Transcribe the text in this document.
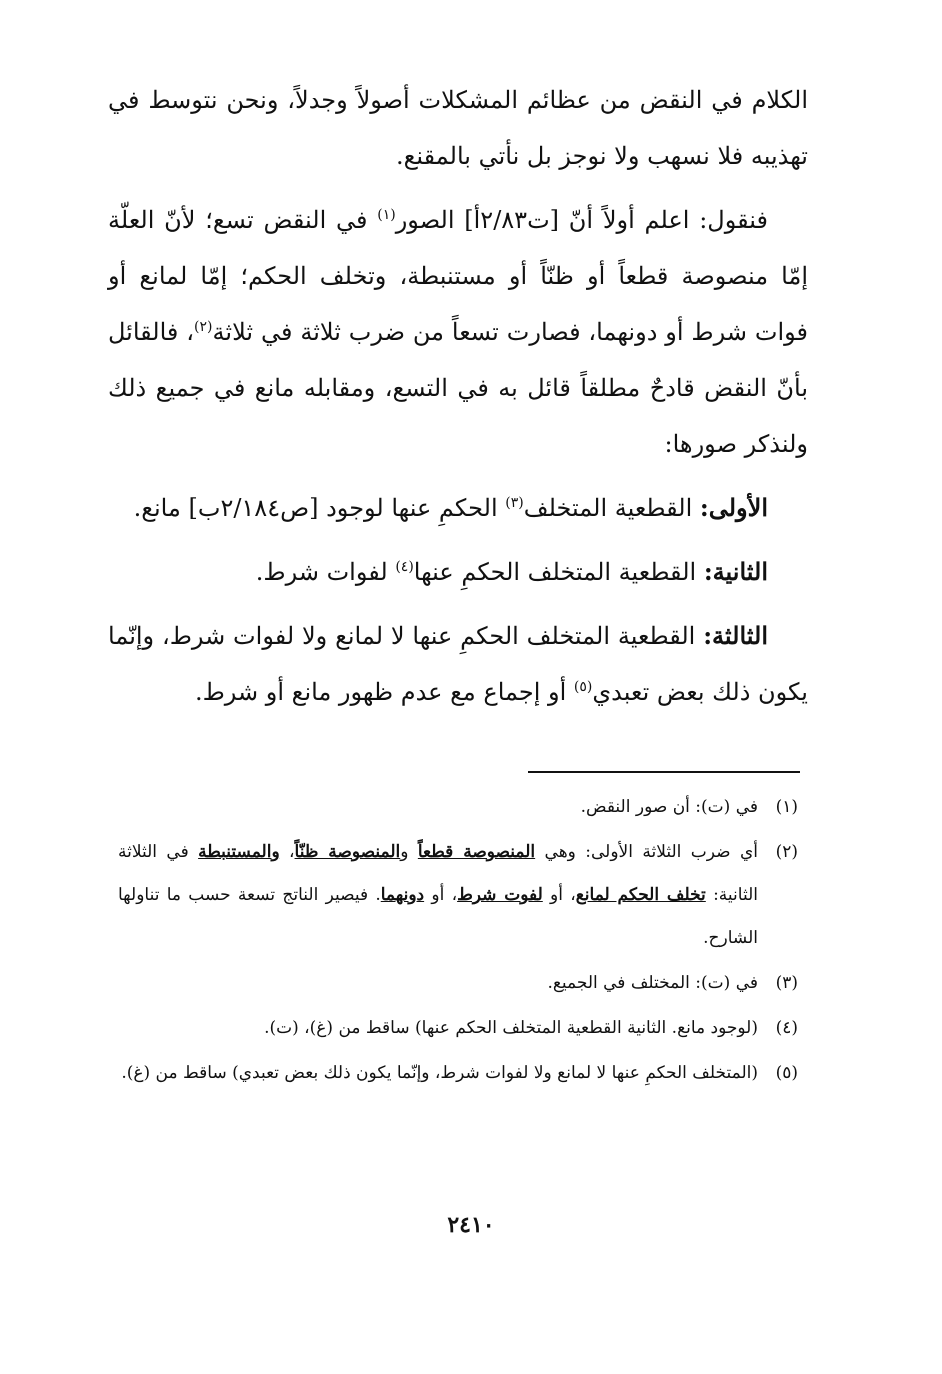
الكلام في النقض من عظائم المشكلات أصولاً وجدلاً، ونحن نتوسط في تهذيبه فلا نسهب ولا نوجز بل نأتي بالمقنع.

فنقول: اعلم أولاً أنّ [ت٢/٨٣أ] الصور$^{(١)}$ في النقض تسع؛ لأنّ العلّة إمّا منصوصة قطعاً أو ظنّاً أو مستنبطة، وتخلف الحكم؛ إمّا لمانع أو فوات شرط أو دونهما، فصارت تسعاً من ضرب ثلاثة في ثلاثة$^{(٢)}$، فالقائل بأنّ النقض قادحٌ مطلقاً قائل به في التسع، ومقابله مانع في جميع ذلك ولنذكر صورها:

الأولى: القطعية المتخلف$^{(٣)}$ الحكمِ عنها لوجود [ص٢/١٨٤ب] مانع.

الثانية: القطعية المتخلف الحكمِ عنها$^{(٤)}$ لفوات شرط.

الثالثة: القطعية المتخلف الحكمِ عنها لا لمانع ولا لفوات شرط، وإنّما يكون ذلك بعض تعبدي$^{(٥)}$ أو إجماع مع عدم ظهور مانع أو شرط.

(١)في (ت): أن صور النقض.

(٢)أي ضرب الثلاثة الأولى: وهي المنصوصة قطعاً والمنصوصة ظنّاً، والمستنبطة في الثلاثة الثانية: تخلف الحكم لمانع، أو لفوت شرط، أو دونهما. فيصير الناتج تسعة حسب ما تناولها الشارح.

(٣)في (ت): المختلف في الجميع.

(٤)(لوجود مانع. الثانية القطعية المتخلف الحكم عنها) ساقط من (غ)، (ت).

(٥)(المتخلف الحكمِ عنها لا لمانع ولا لفوات شرط، وإنّما يكون ذلك بعض تعبدي) ساقط من (غ).

٢٤١٠
